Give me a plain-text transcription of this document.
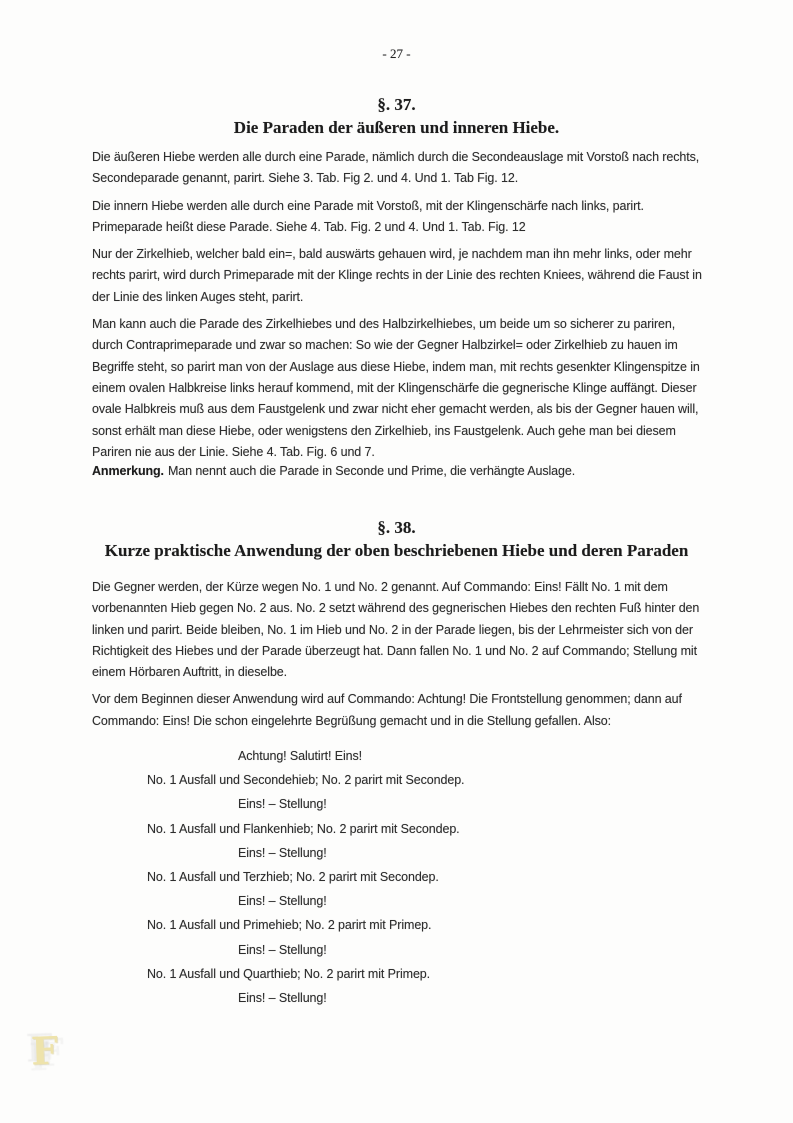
- 27 -
§. 37.
Die Paraden der äußeren und inneren Hiebe.

Die äußeren Hiebe werden alle durch eine Parade, nämlich durch die Secondeauslage mit Vorstoß nach rechts, Secondeparade genannt, parirt. Siehe 3. Tab. Fig 2. und 4. Und 1. Tab Fig. 12.

Die innern Hiebe werden alle durch eine Parade mit Vorstoß, mit der Klingenschärfe nach links, parirt. Primeparade heißt diese Parade. Siehe 4. Tab. Fig. 2 und 4. Und 1. Tab. Fig. 12

Nur der Zirkelhieb, welcher bald ein=, bald auswärts gehauen wird, je nachdem man ihn mehr links, oder mehr rechts parirt, wird durch Primeparade mit der Klinge rechts in der Linie des rechten Kniees, während die Faust in der Linie des linken Auges steht, parirt.

Man kann auch die Parade des Zirkelhiebes und des Halbzirkelhiebes, um beide um so sicherer zu pariren, durch Contraprimeparade und zwar so machen: So wie der Gegner Halbzirkel= oder Zirkelhieb zu hauen im Begriffe steht, so parirt man von der Auslage aus diese Hiebe, indem man, mit rechts gesenkter Klingenspitze in einem ovalen Halbkreise links herauf kommend, mit der Klingenschärfe die gegnerische Klinge auffängt. Dieser ovale Halbkreis muß aus dem Faustgelenk und zwar nicht eher gemacht werden, als bis der Gegner hauen will, sonst erhält man diese Hiebe, oder wenigstens den Zirkelhieb, ins Faustgelenk. Auch gehe man bei diesem Pariren nie aus der Linie. Siehe 4. Tab. Fig. 6 und 7.

Anmerkung. Man nennt auch die Parade in Seconde und Prime, die verhängte Auslage.
§. 38.
Kurze praktische Anwendung der oben beschriebenen Hiebe und deren Paraden

Die Gegner werden, der Kürze wegen No. 1 und No. 2 genannt. Auf Commando: Eins! Fällt No. 1 mit dem vorbenannten Hieb gegen No. 2 aus. No. 2 setzt während des gegnerischen Hiebes den rechten Fuß hinter den linken und parirt. Beide bleiben, No. 1 im Hieb und No. 2 in der Parade liegen, bis der Lehrmeister sich von der Richtigkeit des Hiebes und der Parade überzeugt hat. Dann fallen No. 1 und No. 2 auf Commando; Stellung mit einem Hörbaren Auftritt, in dieselbe.

Vor dem Beginnen dieser Anwendung wird auf Commando: Achtung! Die Frontstellung genommen; dann auf Commando: Eins! Die schon eingelehrte Begrüßung gemacht und in die Stellung gefallen. Also:

Achtung! Salutirt! Eins!
No. 1 Ausfall und Secondehieb; No. 2 parirt mit Secondep.
Eins! – Stellung!
No. 1 Ausfall und Flankenhieb; No. 2 parirt mit Secondep.
Eins! – Stellung!
No. 1 Ausfall und Terzhieb; No. 2 parirt mit Secondep.
Eins! – Stellung!
No. 1 Ausfall und Primehieb; No. 2 parirt mit Primep.
Eins! – Stellung!
No. 1 Ausfall und Quarthieb; No. 2 parirt mit Primep.
Eins! – Stellung!
F
